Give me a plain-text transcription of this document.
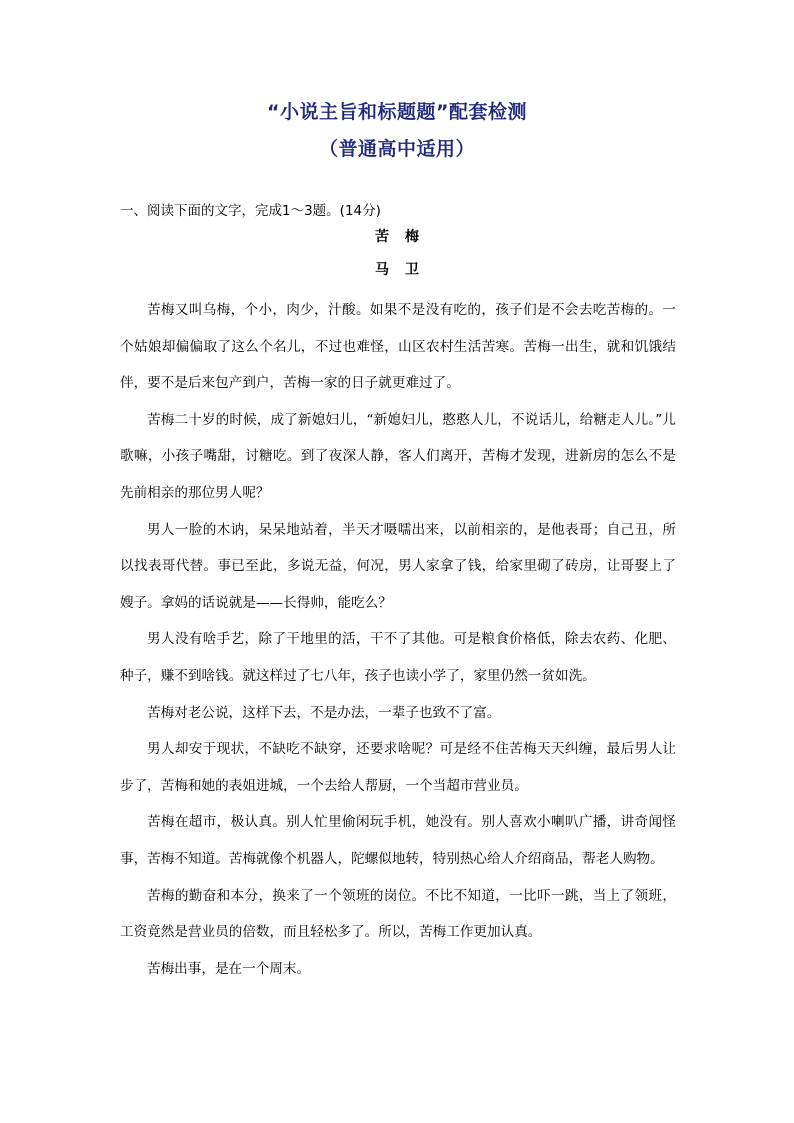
“小说主旨和标题题”配套检测
（普通高中适用）
一、阅读下面的文字，完成1～3题。(14分)
苦梅
马卫

苦梅又叫乌梅，个小，肉少，汁酸。如果不是没有吃的，孩子们是不会去吃苦梅的。一个姑娘却偏偏取了这么个名儿，不过也难怪，山区农村生活苦寒。苦梅一出生，就和饥饿结伴，要不是后来包产到户，苦梅一家的日子就更难过了。

苦梅二十岁的时候，成了新媳妇儿，“新媳妇儿，憨憨人儿，不说话儿，给糖走人儿。”儿歌嘛，小孩子嘴甜，讨糖吃。到了夜深人静，客人们离开，苦梅才发现，进新房的怎么不是先前相亲的那位男人呢？

男人一脸的木讷，呆呆地站着，半天才嗫嚅出来，以前相亲的，是他表哥；自己丑，所以找表哥代替。事已至此，多说无益，何况，男人家拿了钱，给家里砌了砖房，让哥娶上了嫂子。拿妈的话说就是——长得帅，能吃么？

男人没有啥手艺，除了干地里的活，干不了其他。可是粮食价格低，除去农药、化肥、种子，赚不到啥钱。就这样过了七八年，孩子也读小学了，家里仍然一贫如洗。

苦梅对老公说，这样下去，不是办法，一辈子也致不了富。

男人却安于现状，不缺吃不缺穿，还要求啥呢？可是经不住苦梅天天纠缠，最后男人让步了，苦梅和她的表姐进城，一个去给人帮厨，一个当超市营业员。

苦梅在超市，极认真。别人忙里偷闲玩手机，她没有。别人喜欢小喇叭广播，讲奇闻怪事，苦梅不知道。苦梅就像个机器人，陀螺似地转，特别热心给人介绍商品，帮老人购物。

苦梅的勤奋和本分，换来了一个领班的岗位。不比不知道，一比吓一跳，当上了领班，工资竟然是营业员的倍数，而且轻松多了。所以，苦梅工作更加认真。

苦梅出事，是在一个周末。
